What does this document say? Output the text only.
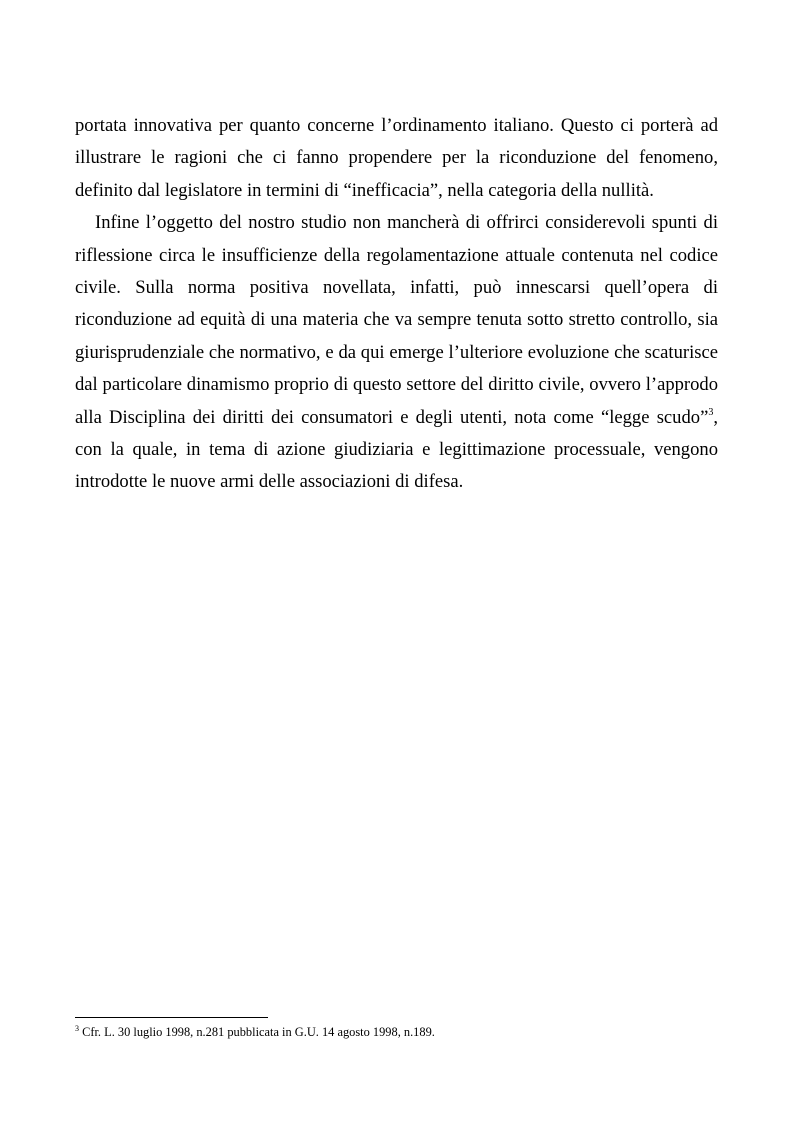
portata innovativa per quanto concerne l’ordinamento italiano. Questo ci porterà ad illustrare le ragioni che ci fanno propendere per la riconduzione del fenomeno, definito dal legislatore in termini di “inefficacia”, nella categoria della nullità.

Infine l’oggetto del nostro studio non mancherà di offrirci considerevoli spunti di riflessione circa le insufficienze della regolamentazione attuale contenuta nel codice civile. Sulla norma positiva novellata, infatti, può innescarsi quell’opera di riconduzione ad equità di una materia che va sempre tenuta sotto stretto controllo, sia giurisprudenziale che normativo, e da qui emerge l’ulteriore evoluzione che scaturisce dal particolare dinamismo proprio di questo settore del diritto civile, ovvero l’approdo alla Disciplina dei diritti dei consumatori e degli utenti, nota come “legge scudo”$^3$, con la quale, in tema di azione giudiziaria e legittimazione processuale, vengono introdotte le nuove armi delle associazioni di difesa.

$^3$ Cfr. L. 30 luglio 1998, n.281 pubblicata in G.U. 14 agosto 1998, n.189.
